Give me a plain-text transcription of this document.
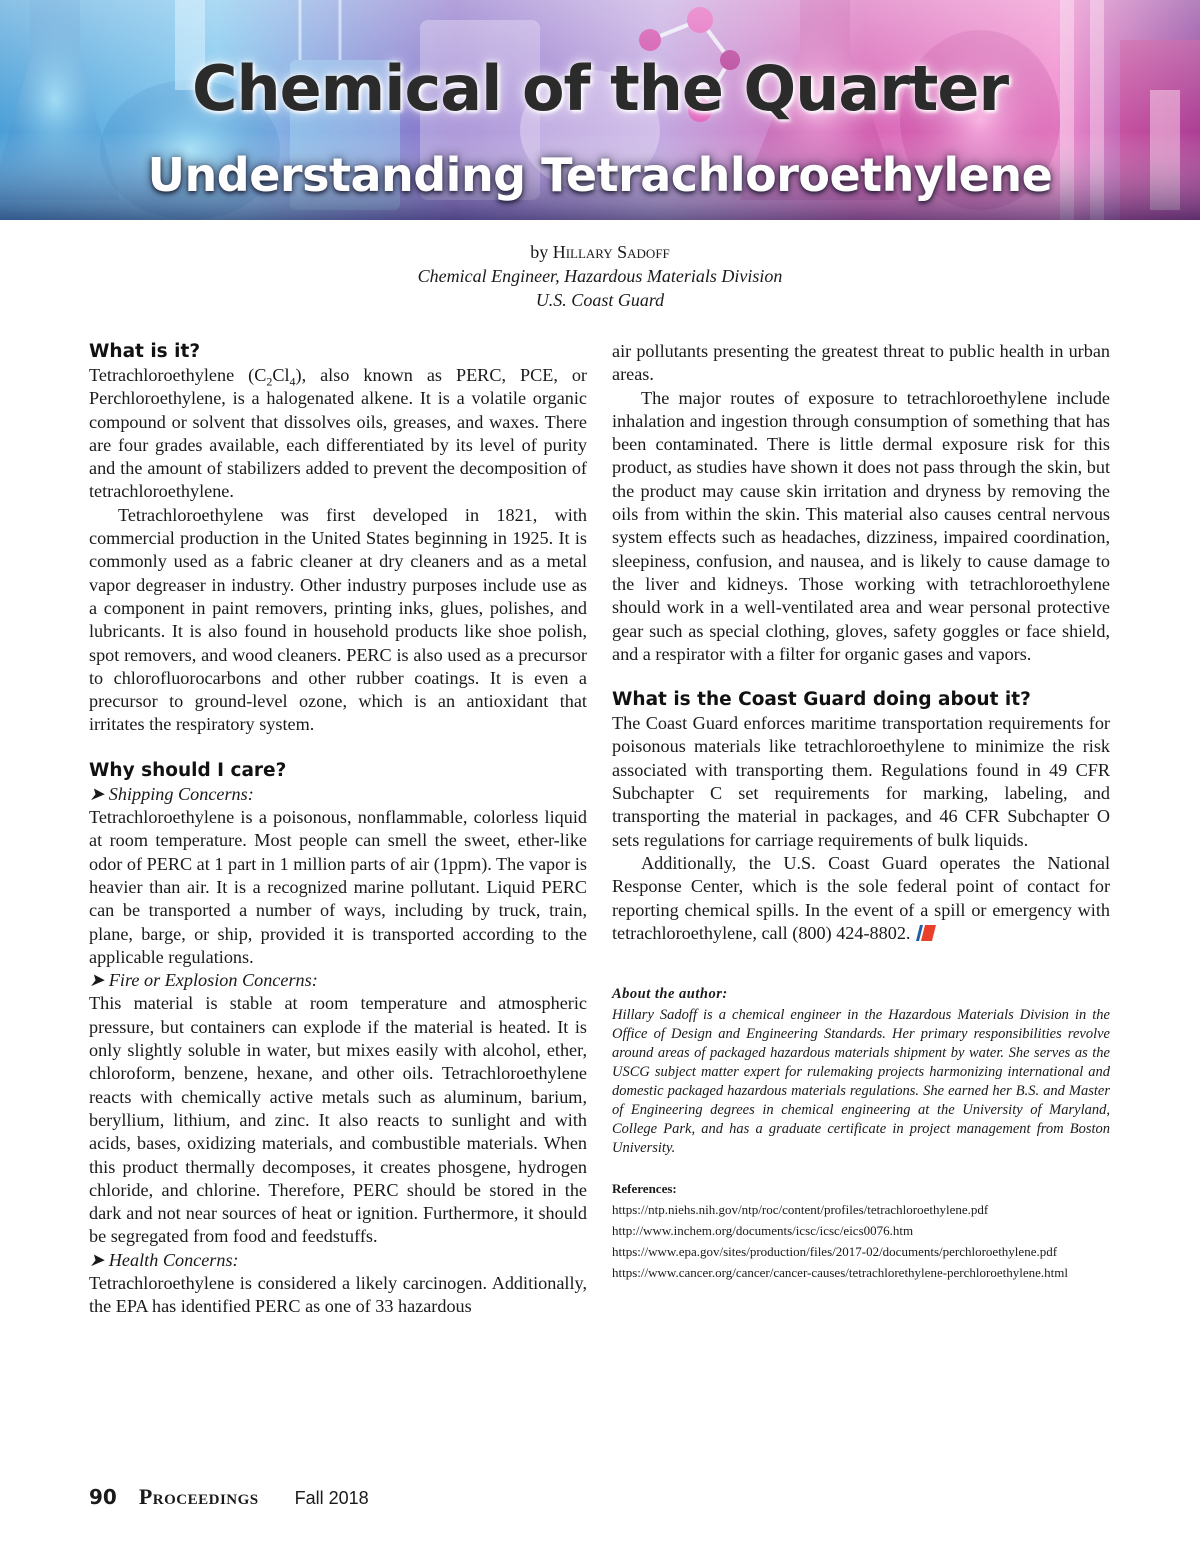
Chemical of the Quarter
Understanding Tetrachloroethylene
by Hillary Sadoff
Chemical Engineer, Hazardous Materials Division
U.S. Coast Guard
What is it?

Tetrachloroethylene $(C_2Cl_4)$, also known as PERC, PCE, or Perchloroethylene, is a halogenated alkene. It is a volatile organic compound or solvent that dissolves oils, greases, and waxes. There are four grades available, each differentiated by its level of purity and the amount of stabilizers added to prevent the decomposition of tetrachloroethylene.

Tetrachloroethylene was first developed in 1821, with commercial production in the United States beginning in 1925. It is commonly used as a fabric cleaner at dry cleaners and as a metal vapor degreaser in industry. Other industry purposes include use as a component in paint removers, printing inks, glues, polishes, and lubricants. It is also found in household products like shoe polish, spot removers, and wood cleaners. PERC is also used as a precursor to chlorofluorocarbons and other rubber coatings. It is even a precursor to ground-level ozone, which is an antioxidant that irritates the respiratory system.

Why should I care?
➤ Shipping Concerns:

Tetrachloroethylene is a poisonous, nonflammable, colorless liquid at room temperature. Most people can smell the sweet, ether-like odor of PERC at 1 part in 1 million parts of air (1ppm). The vapor is heavier than air. It is a recognized marine pollutant. Liquid PERC can be transported a number of ways, including by truck, train, plane, barge, or ship, provided it is transported according to the applicable regulations.

➤ Fire or Explosion Concerns:

This material is stable at room temperature and atmospheric pressure, but containers can explode if the material is heated. It is only slightly soluble in water, but mixes easily with alcohol, ether, chloroform, benzene, hexane, and other oils. Tetrachloroethylene reacts with chemically active metals such as aluminum, barium, beryllium, lithium, and zinc. It also reacts to sunlight and with acids, bases, oxidizing materials, and combustible materials. When this product thermally decomposes, it creates phosgene, hydrogen chloride, and chlorine. Therefore, PERC should be stored in the dark and not near sources of heat or ignition. Furthermore, it should be segregated from food and feedstuffs.

➤ Health Concerns:

Tetrachloroethylene is considered a likely carcinogen. Additionally, the EPA has identified PERC as one of 33 hazardous

air pollutants presenting the greatest threat to public health in urban areas.

The major routes of exposure to tetrachloroethylene include inhalation and ingestion through consumption of something that has been contaminated. There is little dermal exposure risk for this product, as studies have shown it does not pass through the skin, but the product may cause skin irritation and dryness by removing the oils from within the skin. This material also causes central nervous system effects such as headaches, dizziness, impaired coordination, sleepiness, confusion, and nausea, and is likely to cause damage to the liver and kidneys. Those working with tetrachloroethylene should work in a well-ventilated area and wear personal protective gear such as special clothing, gloves, safety goggles or face shield, and a respirator with a filter for organic gases and vapors.

What is the Coast Guard doing about it?

The Coast Guard enforces maritime transportation requirements for poisonous materials like tetrachloroethylene to minimize the risk associated with transporting them. Regulations found in 49 CFR Subchapter C set requirements for marking, labeling, and transporting the material in packages, and 46 CFR Subchapter O sets regulations for carriage requirements of bulk liquids.

Additionally, the U.S. Coast Guard operates the National Response Center, which is the sole federal point of contact for reporting chemical spills. In the event of a spill or emergency with tetrachloroethylene, call (800) 424-8802.

About the author:

Hillary Sadoff is a chemical engineer in the Hazardous Materials Division in the Office of Design and Engineering Standards. Her primary responsibilities revolve around areas of packaged hazardous materials shipment by water. She serves as the USCG subject matter expert for rulemaking projects harmonizing international and domestic packaged hazardous materials regulations. She earned her B.S. and Master of Engineering degrees in chemical engineering at the University of Maryland, College Park, and has a graduate certificate in project management from Boston University.

References:

https://ntp.niehs.nih.gov/ntp/roc/content/profiles/tetrachloroethylene.pdf

http://www.inchem.org/documents/icsc/icsc/eics0076.htm

https://www.epa.gov/sites/production/files/2017-02/documents/perchloroethylene.pdf

https://www.cancer.org/cancer/cancer-causes/tetrachlorethylene-perchloroethylene.html

90 Proceedings Fall 2018
